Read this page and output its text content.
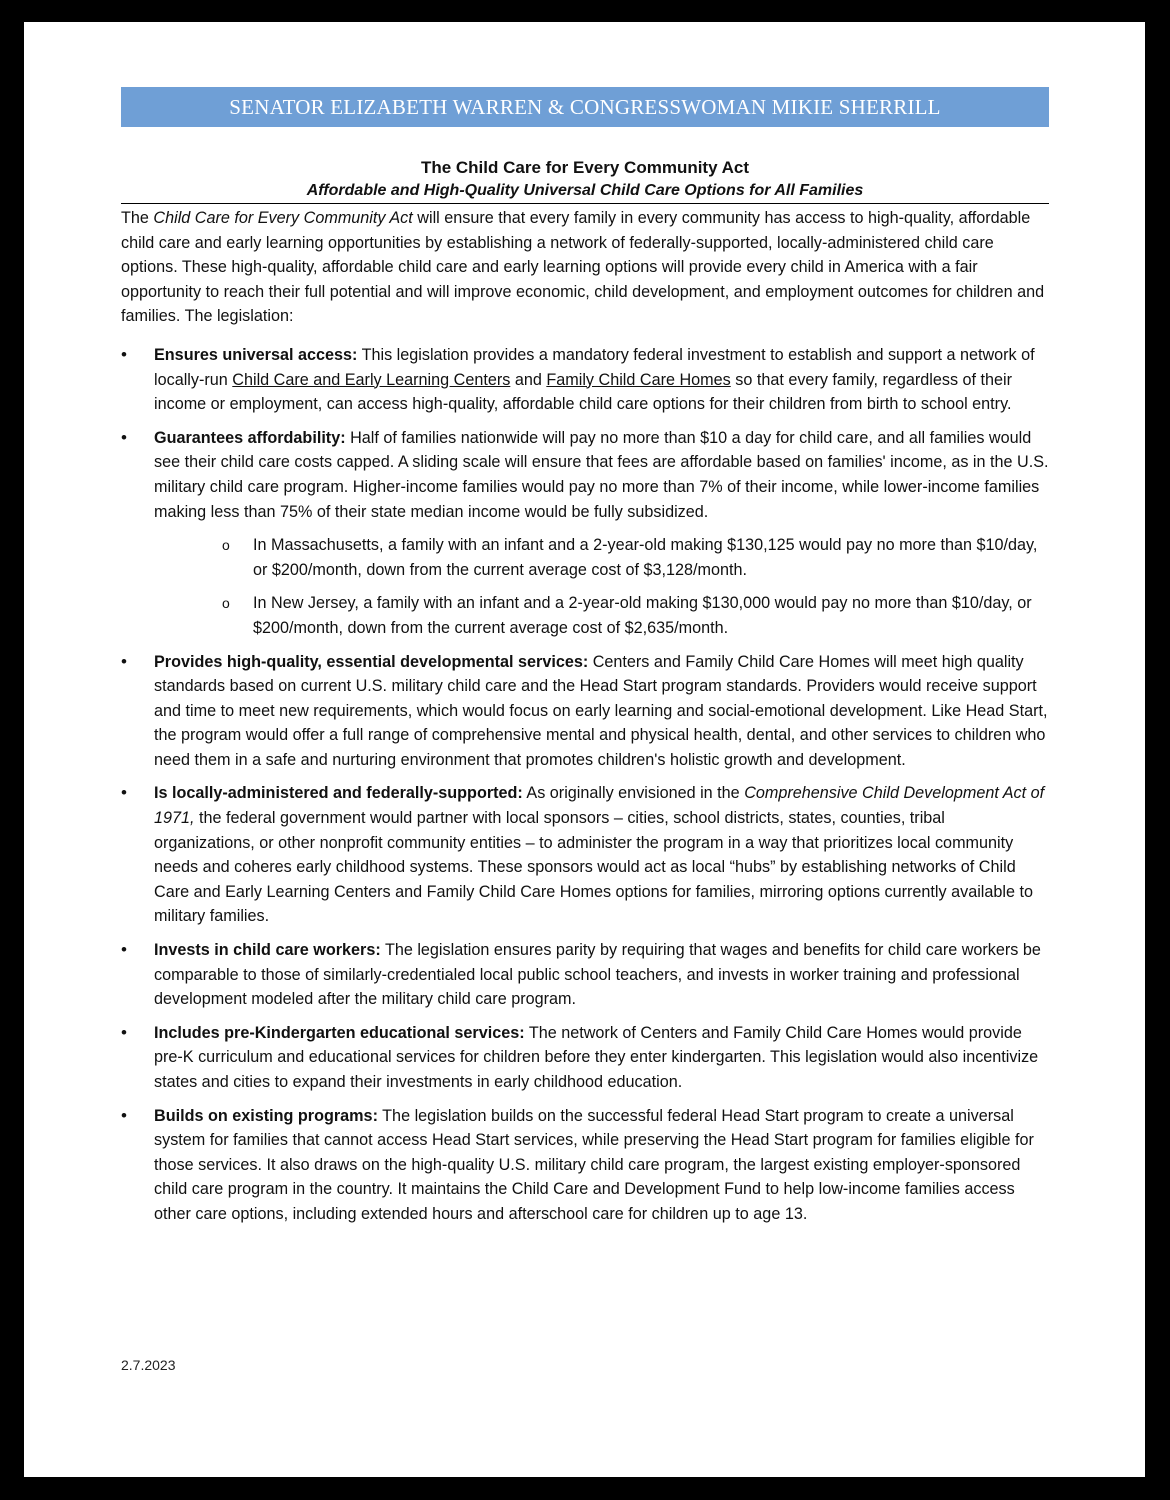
SENATOR ELIZABETH WARREN & CONGRESSWOMAN MIKIE SHERRILL

The Child Care for Every Community Act

Affordable and High-Quality Universal Child Care Options for All Families

The Child Care for Every Community Act will ensure that every family in every community has access to high-quality, affordable child care and early learning opportunities by establishing a network of federally-supported, locally-administered child care options. These high-quality, affordable child care and early learning options will provide every child in America with a fair opportunity to reach their full potential and will improve economic, child development, and employment outcomes for children and families. The legislation:

• Ensures universal access: This legislation provides a mandatory federal investment to establish and support a network of locally-run Child Care and Early Learning Centers and Family Child Care Homes so that every family, regardless of their income or employment, can access high-quality, affordable child care options for their children from birth to school entry.
• Guarantees affordability: Half of families nationwide will pay no more than $10 a day for child care, and all families would see their child care costs capped. A sliding scale will ensure that fees are affordable based on families' income, as in the U.S. military child care program. Higher-income families would pay no more than 7% of their income, while lower-income families making less than 75% of their state median income would be fully subsidized.
o In Massachusetts, a family with an infant and a 2-year-old making $130,125 would pay no more than $10/day, or $200/month, down from the current average cost of $3,128/month.
o In New Jersey, a family with an infant and a 2-year-old making $130,000 would pay no more than $10/day, or $200/month, down from the current average cost of $2,635/month.
• Provides high-quality, essential developmental services: Centers and Family Child Care Homes will meet high quality standards based on current U.S. military child care and the Head Start program standards. Providers would receive support and time to meet new requirements, which would focus on early learning and social-emotional development. Like Head Start, the program would offer a full range of comprehensive mental and physical health, dental, and other services to children who need them in a safe and nurturing environment that promotes children's holistic growth and development.
• Is locally-administered and federally-supported: As originally envisioned in the Comprehensive Child Development Act of 1971, the federal government would partner with local sponsors – cities, school districts, states, counties, tribal organizations, or other nonprofit community entities – to administer the program in a way that prioritizes local community needs and coheres early childhood systems. These sponsors would act as local “hubs” by establishing networks of Child Care and Early Learning Centers and Family Child Care Homes options for families, mirroring options currently available to military families.
• Invests in child care workers: The legislation ensures parity by requiring that wages and benefits for child care workers be comparable to those of similarly-credentialed local public school teachers, and invests in worker training and professional development modeled after the military child care program.
• Includes pre-Kindergarten educational services: The network of Centers and Family Child Care Homes would provide pre-K curriculum and educational services for children before they enter kindergarten. This legislation would also incentivize states and cities to expand their investments in early childhood education.
• Builds on existing programs: The legislation builds on the successful federal Head Start program to create a universal system for families that cannot access Head Start services, while preserving the Head Start program for families eligible for those services. It also draws on the high-quality U.S. military child care program, the largest existing employer-sponsored child care program in the country. It maintains the Child Care and Development Fund to help low-income families access other care options, including extended hours and afterschool care for children up to age 13.
2.7.2023
